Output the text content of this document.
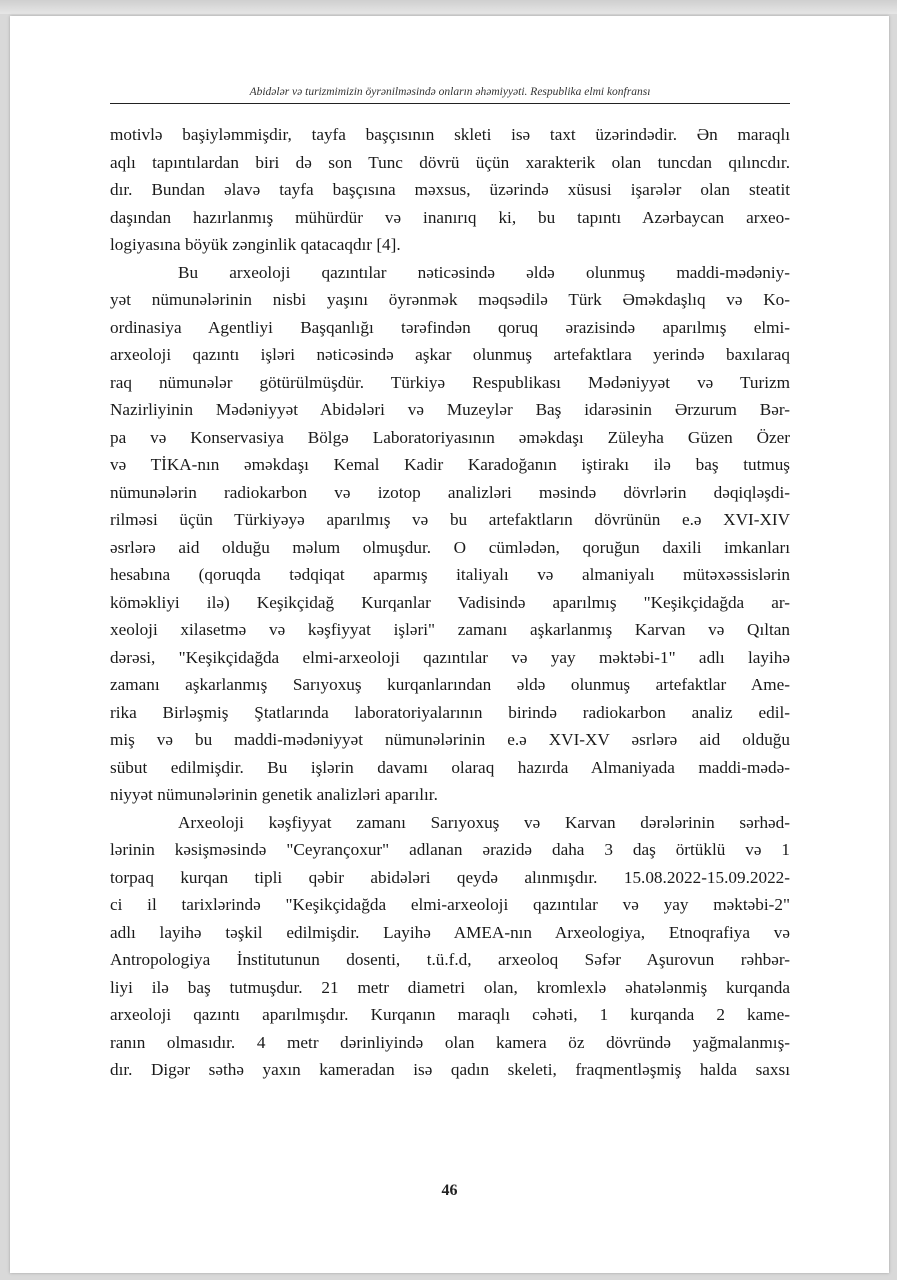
Abidələr və turizmimizin öyrənilməsində onların əhəmiyyəti. Respublika elmi konfransı
motivlə başiyləmmişdir, tayfa başçısının skleti isə taxt üzərindədir. Ən maraqlı
aqlı tapıntılardan biri də son Tunc dövrü üçün xarakterik olan tuncdan qılıncdır.
dır. Bundan əlavə tayfa başçısına məxsus, üzərində xüsusi işarələr olan steatit
daşından hazırlanmış mühürdür və inanırıq ki, bu tapıntı Azərbaycan arxeo-
logiyasına böyük zənginlik qatacaqdır [4].
Bu arxeoloji qazıntılar nəticəsində əldə olunmuş maddi-mədəniy-
yət nümunələrinin nisbi yaşını öyrənmək məqsədilə Türk Əməkdaşlıq və Ko-
ordinasiya Agentliyi Başqanlığı tərəfindən qoruq ərazisində aparılmış elmi-
arxeoloji qazıntı işləri nəticəsində aşkar olunmuş artefaktlara yerində baxılaraq
raq nümunələr götürülmüşdür. Türkiyə Respublikası Mədəniyyət və Turizm
Nazirliyinin Mədəniyyət Abidələri və Muzeylər Baş idarəsinin Ərzurum Bər-
pa və Konservasiya Bölgə Laboratoriyasının əməkdaşı Züleyha Güzen Özer
və TİKA-nın əməkdaşı Kemal Kadir Karadoğanın iştirakı ilə baş tutmuş
nümunələrin radiokarbon və izotop analizləri məsində dövrlərin dəqiqləşdi-
rilməsi üçün Türkiyəyə aparılmış və bu artefaktların dövrünün e.ə XVI-XIV
əsrlərə aid olduğu məlum olmuşdur. O cümlədən, qoruğun daxili imkanları
hesabına (qoruqda tədqiqat aparmış italiyalı və almaniyalı mütəxəssislərin
köməkliyi ilə) Keşikçidağ Kurqanlar Vadisində aparılmış "Keşikçidağda ar-
xeoloji xilasetmə və kəşfiyyat işləri" zamanı aşkarlanmış Karvan və Qıltan
dərəsi, "Keşikçidağda elmi-arxeoloji qazıntılar və yay məktəbi-1" adlı layihə
zamanı aşkarlanmış Sarıyoxuş kurqanlarından əldə olunmuş artefaktlar Ame-
rika Birləşmiş Ştatlarında laboratoriyalarının birində radiokarbon analiz edil-
miş və bu maddi-mədəniyyət nümunələrinin e.ə XVI-XV əsrlərə aid olduğu
sübut edilmişdir. Bu işlərin davamı olaraq hazırda Almaniyada maddi-mədə-
niyyət nümunələrinin genetik analizləri aparılır.
Arxeoloji kəşfiyyat zamanı Sarıyoxuş və Karvan dərələrinin sərhəd-
lərinin kəsişməsində "Ceyrançoxur" adlanan ərazidə daha 3 daş örtüklü və 1
torpaq kurqan tipli qəbir abidələri qeydə alınmışdır. 15.08.2022-15.09.2022-
ci il tarixlərində "Keşikçidağda elmi-arxeoloji qazıntılar və yay məktəbi-2"
adlı layihə təşkil edilmişdir. Layihə AMEA-nın Arxeologiya, Etnoqrafiya və
Antropologiya İnstitutunun dosenti, t.ü.f.d, arxeoloq Səfər Aşurovun rəhbər-
liyi ilə baş tutmuşdur. 21 metr diametri olan, kromlexlə əhatələnmiş kurqanda
arxeoloji qazıntı aparılmışdır. Kurqanın maraqlı cəhəti, 1 kurqanda 2 kame-
ranın olmasıdır. 4 metr dərinliyində olan kamera öz dövründə yağmalanmış-
dır. Digər səthə yaxın kameradan isə qadın skeleti, fraqmentləşmiş halda saxsı
46
